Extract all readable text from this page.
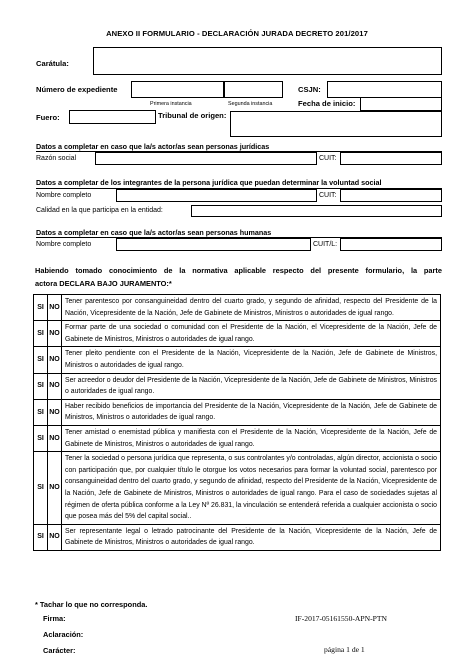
ANEXO II FORMULARIO - DECLARACIÓN JURADA DECRETO 201/2017
Carátula:
Número de expediente	CSJN:
Primera instancia	Segunda instancia	Fecha de inicio:
Fuero:	Tribunal de origen:
Datos a completar en caso que la/s actor/as sean personas jurídicas
Razón social	CUIT:
Datos a completar de los integrantes de la persona jurídica que puedan determinar la voluntad social
Nombre completo	CUIT:
Calidad en la que participa en la entidad:
Datos a completar en caso que la/s actor/as sean personas humanas
Nombre completo	CUIT/L:
Habiendo tomado conocimiento de la normativa aplicable respecto del presente formulario, la parte
actora DECLARA BAJO JURAMENTO:*
SI	NO	Tener parentesco por consanguineidad dentro del cuarto grado, y segundo de afinidad, respecto del Presidente de la Nación, Vicepresidente de la Nación, Jefe de Gabinete de Ministros, Ministros o autoridades de igual rango.
SI	NO	Formar parte de una sociedad o comunidad con el Presidente de la Nación, el Vicepresidente de la Nación, Jefe de Gabinete de Ministros, Ministros o autoridades de igual rango.
SI	NO	Tener pleito pendiente con el Presidente de la Nación, Vicepresidente de la Nación, Jefe de Gabinete de Ministros, Ministros o autoridades de igual rango.
SI	NO	Ser acreedor o deudor del Presidente de la Nación, Vicepresidente de la Nación, Jefe de Gabinete de Ministros, Ministros o autoridades de igual rango.
SI	NO	Haber recibido beneficios de importancia del Presidente de la Nación, Vicepresidente de la Nación, Jefe de Gabinete de Ministros, Ministros o autoridades de igual rango.
SI	NO	Tener amistad o enemistad pública y manifiesta con el Presidente de la Nación, Vicepresidente de la Nación, Jefe de Gabinete de Ministros, Ministros o autoridades de igual rango.
SI	NO	Tener la sociedad o persona jurídica que representa, o sus controlantes y/o controladas, algún director, accionista o socio con participación que, por cualquier título le otorgue los votos necesarios para formar la voluntad social, parentesco por consanguineidad dentro del cuarto grado, y segundo de afinidad, respecto del Presidente de la Nación, Vicepresidente de la Nación, Jefe de Gabinete de Ministros, Ministros o autoridades de igual rango. Para el caso de sociedades sujetas al régimen de oferta pública conforme a la Ley Nº 26.831, la vinculación se entenderá referida a cualquier accionista o socio que posea más del 5% del capital social..
SI	NO	Ser representante legal o letrado patrocinante del Presidente de la Nación, Vicepresidente de la Nación, Jefe de Gabinete de Ministros, Ministros o autoridades de igual rango.
* Tachar lo que no corresponda.
Firma:
Aclaración:
Carácter:
IF-2017-05161550-APN-PTN
página 1 de 1
